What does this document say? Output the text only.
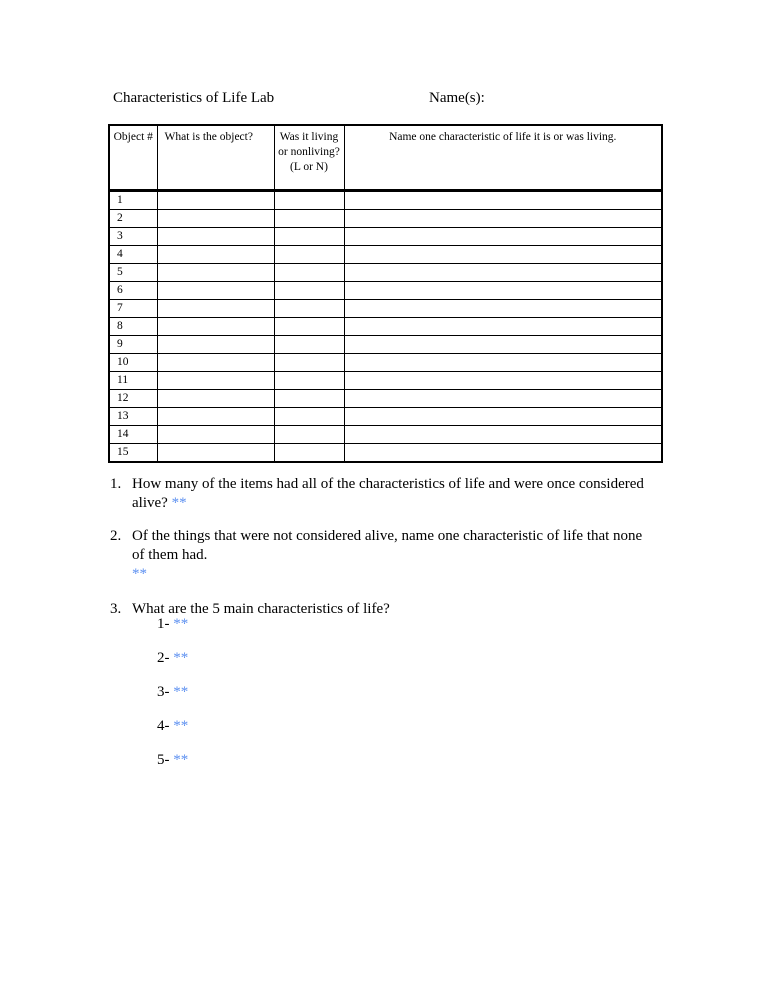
Characteristics of Life Lab	Name(s):
Object #	What is the object?	Was it living or nonliving? (L or N)	Name one characteristic of life it is or was living.
1			
2			
3			
4			
5			
6			
7			
8			
9			
10			
11			
12			
13			
14			
15			
1. How many of the items had all of the characteristics of life and were once considered
alive? **
2. Of the things that were not considered alive, name one characteristic of life that none
of them had.
**
3. What are the 5 main characteristics of life?
1- **
2- **
3- **
4- **
5- **
